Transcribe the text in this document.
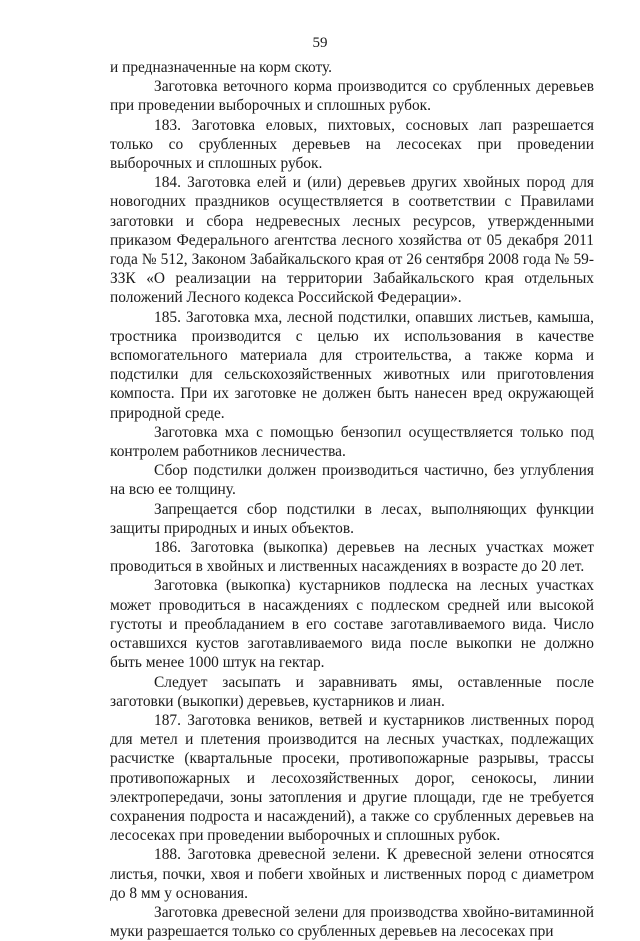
59

и предназначенные на корм скоту.

Заготовка веточного корма производится со срубленных деревьев при проведении выборочных и сплошных рубок.

183. Заготовка еловых, пихтовых, сосновых лап разрешается только со срубленных деревьев на лесосеках при проведении выборочных и сплошных рубок.

184. Заготовка елей и (или) деревьев других хвойных пород для новогодних праздников осуществляется в соответствии с Правилами заготовки и сбора недревесных лесных ресурсов, утвержденными приказом Федерального агентства лесного хозяйства от 05 декабря 2011 года № 512, Законом Забайкальского края от 26 сентября 2008 года № 59-ЗЗК «О реализации на территории Забайкальского края отдельных положений Лесного кодекса Российской Федерации».

185. Заготовка мха, лесной подстилки, опавших листьев, камыша, тростника производится с целью их использования в качестве вспомогательного материала для строительства, а также корма и подстилки для сельскохозяйственных животных или приготовления компоста. При их заготовке не должен быть нанесен вред окружающей природной среде.

Заготовка мха с помощью бензопил осуществляется только под контролем работников лесничества.

Сбор подстилки должен производиться частично, без углубления на всю ее толщину.

Запрещается сбор подстилки в лесах, выполняющих функции защиты природных и иных объектов.

186. Заготовка (выкопка) деревьев на лесных участках может проводиться в хвойных и лиственных насаждениях в возрасте до 20 лет.

Заготовка (выкопка) кустарников подлеска на лесных участках может проводиться в насаждениях с подлеском средней или высокой густоты и преобладанием в его составе заготавливаемого вида. Число оставшихся кустов заготавливаемого вида после выкопки не должно быть менее 1000 штук на гектар.

Следует засыпать и заравнивать ямы, оставленные после заготовки (выкопки) деревьев, кустарников и лиан.

187. Заготовка веников, ветвей и кустарников лиственных пород для метел и плетения производится на лесных участках, подлежащих расчистке (квартальные просеки, противопожарные разрывы, трассы противопожарных и лесохозяйственных дорог, сенокосы, линии электропередачи, зоны затопления и другие площади, где не требуется сохранения подроста и насаждений), а также со срубленных деревьев на лесосеках при проведении выборочных и сплошных рубок.

188. Заготовка древесной зелени. К древесной зелени относятся листья, почки, хвоя и побеги хвойных и лиственных пород с диаметром до 8 мм у основания.

Заготовка древесной зелени для производства хвойно-витаминной муки разрешается только со срубленных деревьев на лесосеках при
